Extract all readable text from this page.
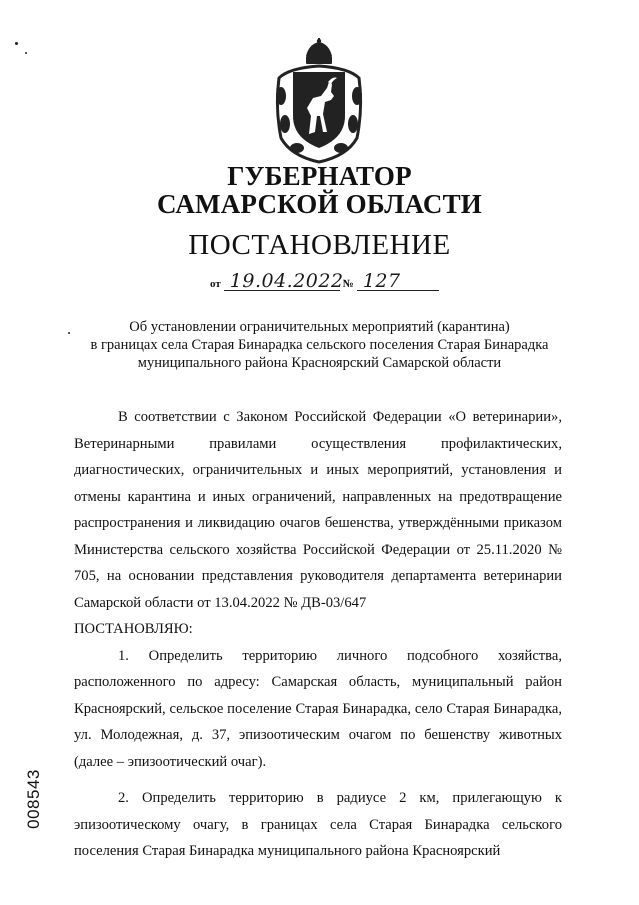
ГУБЕРНАТОР
САМАРСКОЙ ОБЛАСТИ
ПОСТАНОВЛЕНИЕ
от 19.04.2022 № 127
Об установлении ограничительных мероприятий (карантина)
в границах села Старая Бинарадка сельского поселения Старая Бинарадка
муниципального района Красноярский Самарской области

В соответствии с Законом Российской Федерации «О ветеринарии», Ветеринарными правилами осуществления профилактических, диагностических, ограничительных и иных мероприятий, установления и отмены карантина и иных ограничений, направленных на предотвращение распространения и ликвидацию очагов бешенства, утверждёнными приказом Министерства сельского хозяйства Российской Федерации от 25.11.2020 № 705, на основании представления руководителя департамента ветеринарии Самарской области от 13.04.2022 № ДВ-03/647

ПОСТАНОВЛЯЮ:

1. Определить территорию личного подсобного хозяйства, расположенного по адресу: Самарская область, муниципальный район Красноярский, сельское поселение Старая Бинарадка, село Старая Бинарадка, ул. Молодежная, д. 37, эпизоотическим очагом по бешенству животных (далее – эпизоотический очаг).

2. Определить территорию в радиусе 2 км, прилегающую к эпизоотическому очагу, в границах села Старая Бинарадка сельского поселения Старая Бинарадка муниципального района Красноярский

008543
